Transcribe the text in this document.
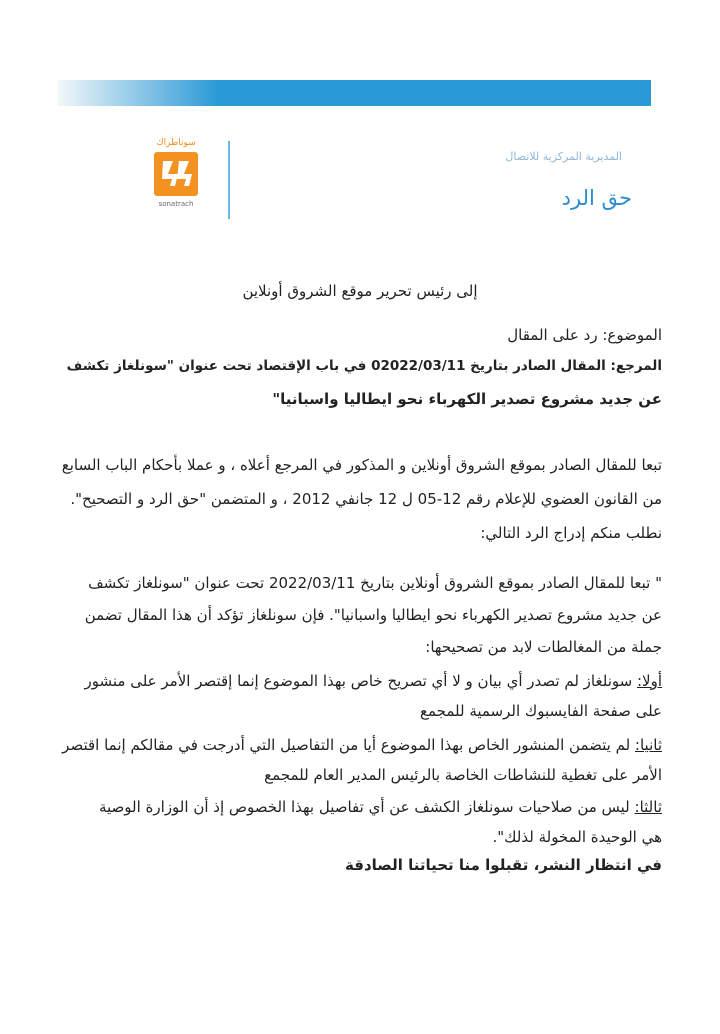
سوناطراك
sonatrach
المديرية المركزية للاتصال
حق الرد
إلى رئيس تحرير موقع الشروق أونلاين
الموضوع: رد على المقال
المرجع: المقال الصادر بتاريخ 02022/03/11 في باب الإقتصاد تحت عنوان "سونلغاز تكشف
عن جديد مشروع تصدير الكهرباء نحو ايطاليا واسبانيا"
تبعا للمقال الصادر بموقع الشروق أونلاين و المذكور في المرجع أعلاه ، و عملا بأحكام الباب السابع
من القانون العضوي للإعلام رقم 12-05 ل 12 جانفي 2012 ، و المتضمن "حق الرد و التصحيح".
نطلب منكم إدراج الرد التالي:
" تبعا للمقال الصادر بموقع الشروق أونلاين بتاريخ 2022/03/11 تحت عنوان "سونلغاز تكشف
عن جديد مشروع تصدير الكهرباء نحو ايطاليا واسبانيا". فإن سونلغاز تؤكد أن هذا المقال تضمن
جملة من المغالطات لابد من تصحيحها:
أولا: سونلغاز لم تصدر أي بيان و لا أي تصريح خاص بهذا الموضوع إنما إقتصر الأمر على منشور
على صفحة الفايسبوك الرسمية للمجمع
ثانيا: لم يتضمن المنشور الخاص بهذا الموضوع أيا من التفاصيل التي أدرجت في مقالكم إنما اقتصر
الأمر على تغطية للنشاطات الخاصة بالرئيس المدير العام للمجمع
ثالثا: ليس من صلاحيات سونلغاز الكشف عن أي تفاصيل بهذا الخصوص إذ أن الوزارة الوصية
هي الوحيدة المخولة لذلك".
في انتظار النشر، تقبلوا منا تحياتنا الصادقة
